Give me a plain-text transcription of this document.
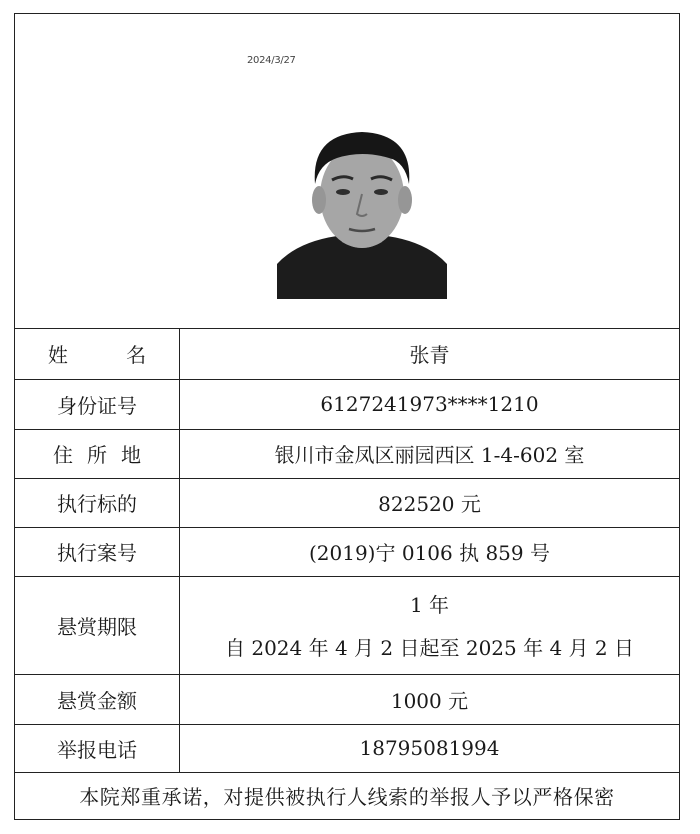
2024/3/27
姓 名	张青
身份证号	6127241973****1210
住所地	银川市金凤区丽园西区 1-4-602 室
执行标的	822520 元
执行案号	(2019)宁 0106 执 859 号
悬赏期限	1 年
自 2024 年 4 月 2 日起至 2025 年 4 月 2 日

悬赏金额	1000 元
举报电话	18795081994
本院郑重承诺，对提供被执行人线索的举报人予以严格保密	
